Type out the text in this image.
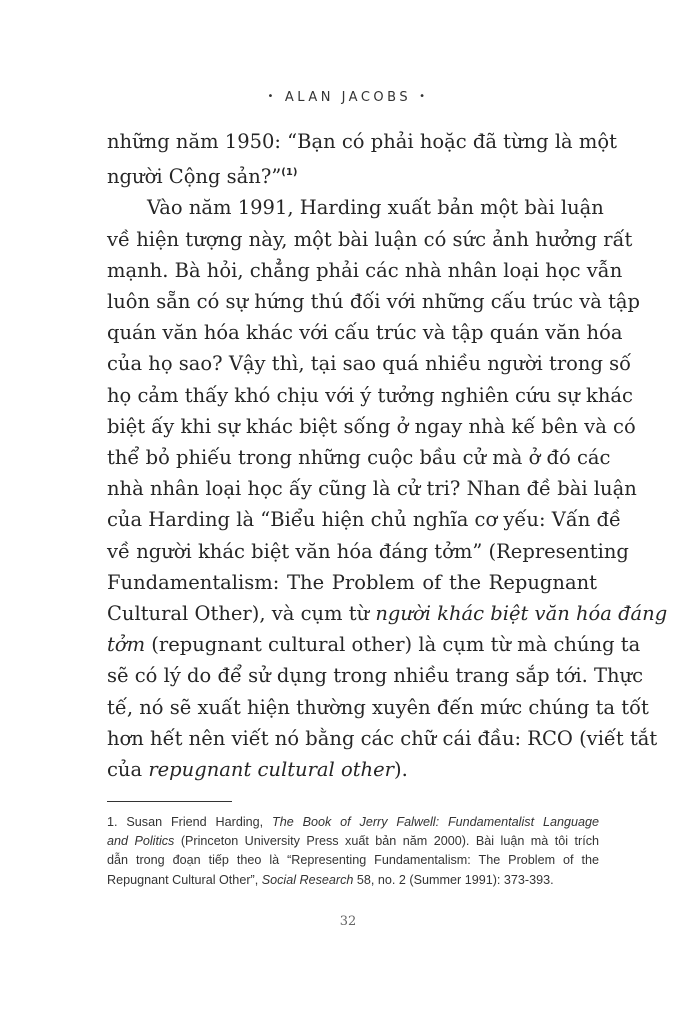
• ALAN JACOBS •
những năm 1950: “Bạn có phải hoặc đã từng là một
người Cộng sản?”$^{(1)}$
Vào năm 1991, Harding xuất bản một bài luận
về hiện tượng này, một bài luận có sức ảnh hưởng rất
mạnh. Bà hỏi, chẳng phải các nhà nhân loại học vẫn
luôn sẵn có sự hứng thú đối với những cấu trúc và tập
quán văn hóa khác với cấu trúc và tập quán văn hóa
của họ sao? Vậy thì, tại sao quá nhiều người trong số
họ cảm thấy khó chịu với ý tưởng nghiên cứu sự khác
biệt ấy khi sự khác biệt sống ở ngay nhà kế bên và có
thể bỏ phiếu trong những cuộc bầu cử mà ở đó các
nhà nhân loại học ấy cũng là cử tri? Nhan đề bài luận
của Harding là “Biểu hiện chủ nghĩa cơ yếu: Vấn đề
về người khác biệt văn hóa đáng tởm” (Representing
Fundamentalism: The Problem of the Repugnant
Cultural Other), và cụm từ người khác biệt văn hóa đáng
tởm (repugnant cultural other) là cụm từ mà chúng ta
sẽ có lý do để sử dụng trong nhiều trang sắp tới. Thực
tế, nó sẽ xuất hiện thường xuyên đến mức chúng ta tốt
hơn hết nên viết nó bằng các chữ cái đầu: RCO (viết tắt
của repugnant cultural other).
1. Susan Friend Harding, The Book of Jerry Falwell: Fundamentalist Language
and Politics (Princeton University Press xuất bản năm 2000). Bài luận mà tôi trích
dẫn trong đoạn tiếp theo là “Representing Fundamentalism: The Problem of the
Repugnant Cultural Other”, Social Research 58, no. 2 (Summer 1991): 373-393.
32
